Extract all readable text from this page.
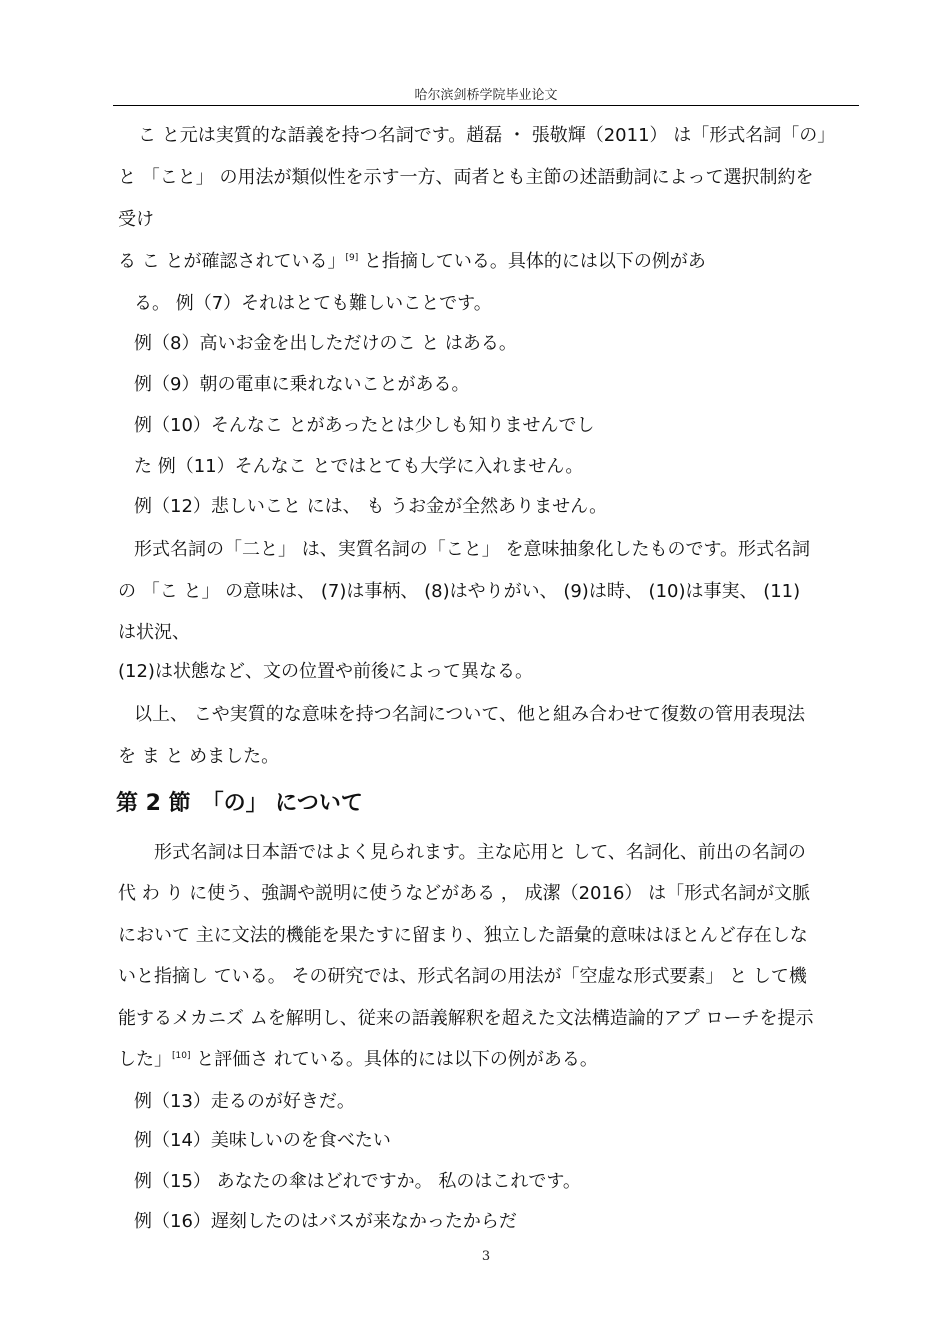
哈尔滨剑桥学院毕业论文
こ と元は実質的な語義を持つ名詞です。趙磊 ・ 張敬輝（2011） は「形式名詞「の」
と 「こと」 の用法が類似性を示す一方、両者とも主節の述語動詞によって選択制約を
受け
る こ とが確認されている」[9] と指摘している。具体的には以下の例があ
る。 例（7）それはとても難しいことです。
例（8）高いお金を出しただけのこ と はある。
例（9）朝の電車に乗れないことがある。
例（10）そんなこ とがあったとは少しも知りませんでし
た 例（11）そんなこ とではとても大学に入れません。
例（12）悲しいこと には、 も うお金が全然ありません。
形式名詞の「二と」 は、実質名詞の「こと」 を意味抽象化したものです。形式名詞
の 「こ と」 の意味は、 (7)は事柄、 (8)はやりがい、 (9)は時、 (10)は事実、 (11)
は状況、
(12)は状態など、文の位置や前後によって異なる。
以上、 こや実質的な意味を持つ名詞について、他と組み合わせて復数の管用表現法
を ま と めました。
第 2 節　「の」 について
形式名詞は日本語ではよく見られます。主な応用と して、名詞化、前出の名詞の
代 わ り に使う、強調や説明に使うなどがある ， 成潔（2016） は「形式名詞が文脈
において 主に文法的機能を果たすに留まり、独立した語彙的意味はほとんど存在しな
いと指摘し ている。 その研究では、形式名詞の用法が「空虚な形式要素」 と して機
能するメカニズ ムを解明し、従来の語義解釈を超えた文法構造論的アプ ローチを提示
した」[10] と評価さ れている。具体的には以下の例がある。
例（13）走るのが好きだ。
例（14）美味しいのを食べたい
例（15） あなたの傘はどれですか。 私のはこれです。
例（16）遅刻したのはバスが来なかったからだ
3
